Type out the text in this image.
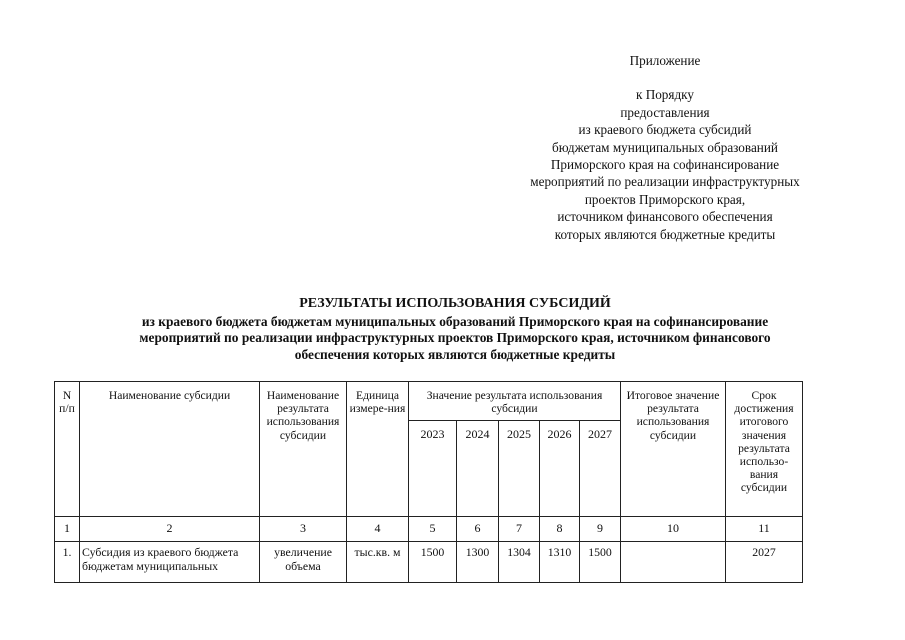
Приложение
к Порядку
предоставления
из краевого бюджета субсидий
бюджетам муниципальных образований
Приморского края на софинансирование
мероприятий по реализации инфраструктурных
проектов Приморского края,
источником финансового обеспечения
которых являются бюджетные кредиты
РЕЗУЛЬТАТЫ ИСПОЛЬЗОВАНИЯ СУБСИДИЙ
из краевого бюджета бюджетам муниципальных образований Приморского края на софинансирование
мероприятий по реализации инфраструктурных проектов Приморского края, источником финансового
обеспечения которых являются бюджетные кредиты
N п/п	Наименование субсидии	Наименование результата использования субсидии	Единица измере-ния	Значение результата использования субсидии					Итоговое значение результата использования субсидии	Срок достижения итогового значения результата использо-вания субсидии
				2023	2024	2025	2026	2027		
1	2	3	4	5	6	7	8	9	10	11
1.	Субсидия из краевого бюджета бюджетам муниципальных	увеличение объема	тыс.кв. м	1500	1300	1304	1310	1500		2027
